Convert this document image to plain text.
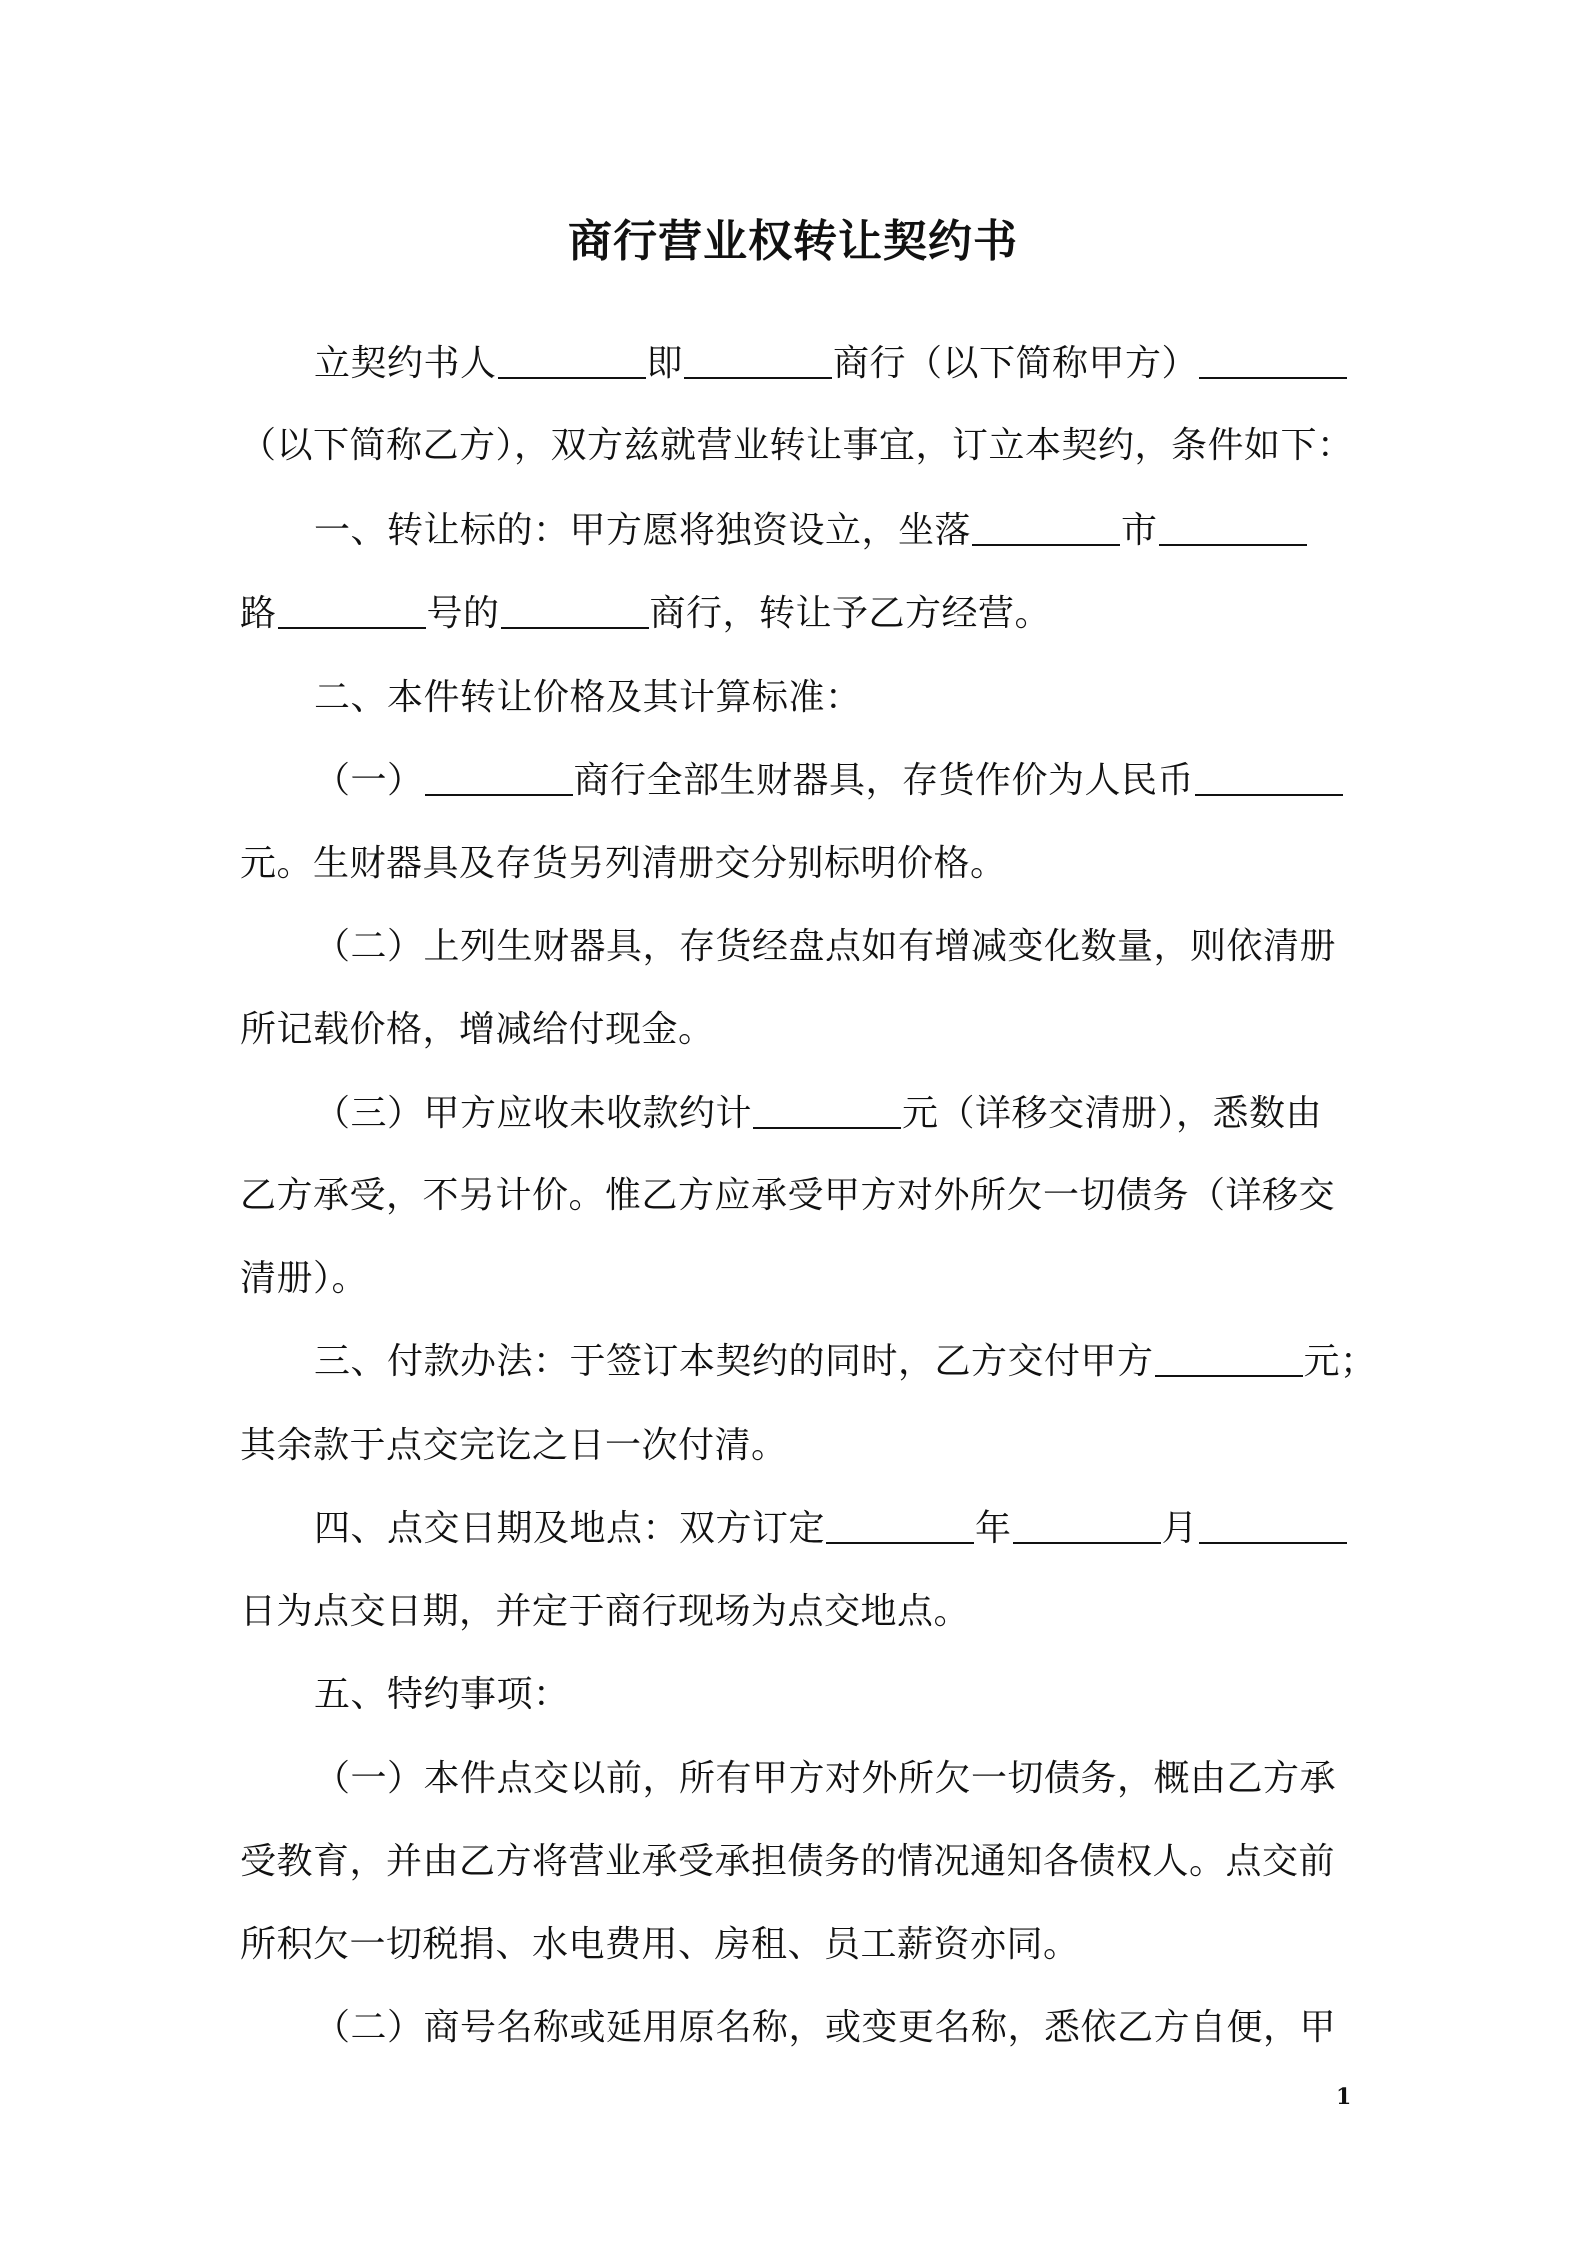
商行营业权转让契约书
立契约书人	即	商行（以下简称甲方）
（以下简称乙方），双方兹就营业转让事宜，订立本契约，条件如下：
一、转让标的：甲方愿将独资设立，坐落	市
路	号的	商行，转让予乙方经营。
二、本件转让价格及其计算标准：
（一）	商行全部生财器具，存货作价为人民币
元。生财器具及存货另列清册交分别标明价格。
（二）上列生财器具，存货经盘点如有增减变化数量，则依清册
所记载价格，增减给付现金。
（三）甲方应收未收款约计	元（详移交清册），悉数由
乙方承受，不另计价。惟乙方应承受甲方对外所欠一切债务（详移交
清册）。
三、付款办法：于签订本契约的同时，乙方交付甲方	元；
其余款于点交完讫之日一次付清。
四、点交日期及地点：双方订定	年	月
日为点交日期，并定于商行现场为点交地点。
五、特约事项：
（一）本件点交以前，所有甲方对外所欠一切债务，概由乙方承
受教育，并由乙方将营业承受承担债务的情况通知各债权人。点交前
所积欠一切税捐、水电费用、房租、员工薪资亦同。
（二）商号名称或延用原名称，或变更名称，悉依乙方自便，甲
1
